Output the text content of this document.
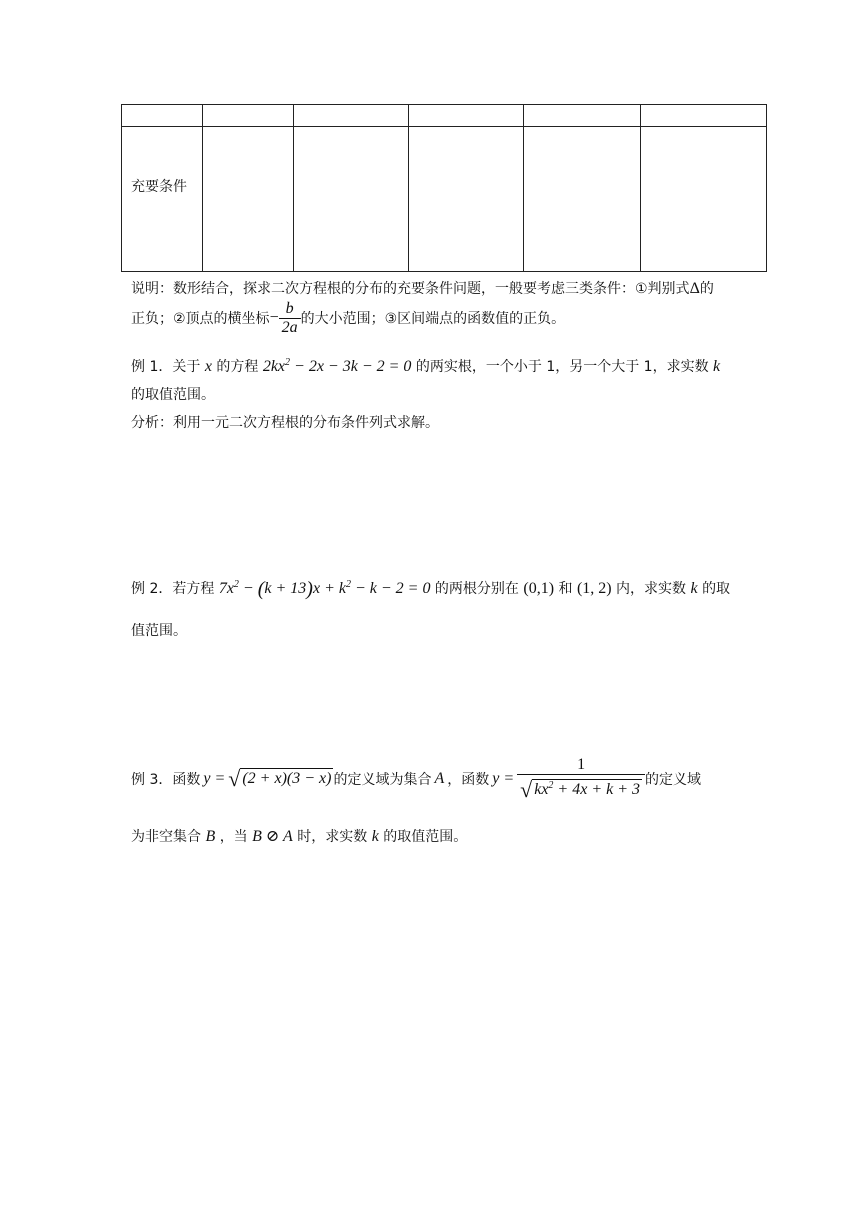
充要条件
说明：数形结合，探求二次方程根的分布的充要条件问题，一般要考虑三类条件：①判别式Δ的
正负；②顶点的横坐标 − $\frac{b}{2a}$ 的大小范围；③区间端点的函数值的正负。
例 1．关于 x 的方程 $2kx^2 - 2x - 3k - 2 = 0$ 的两实根，一个小于 1，另一个大于 1，求实数 k
的取值范围。
分析：利用一元二次方程根的分布条件列式求解。
例 2．若方程 $7x^2 - (k + 13)x + k^2 - k - 2 = 0$ 的两根分别在 (0,1) 和 (1, 2) 内，求实数 k 的取
值范围。
例 3．函数 y = √ (2 + x)(3 − x) 的定义域为集合 A ，函数 $y = \frac{1}{√ kx^2 + 4x + k + 3}$ 的定义域
为非空集合 B ，当 B ⊘ A 时，求实数 k 的取值范围。
